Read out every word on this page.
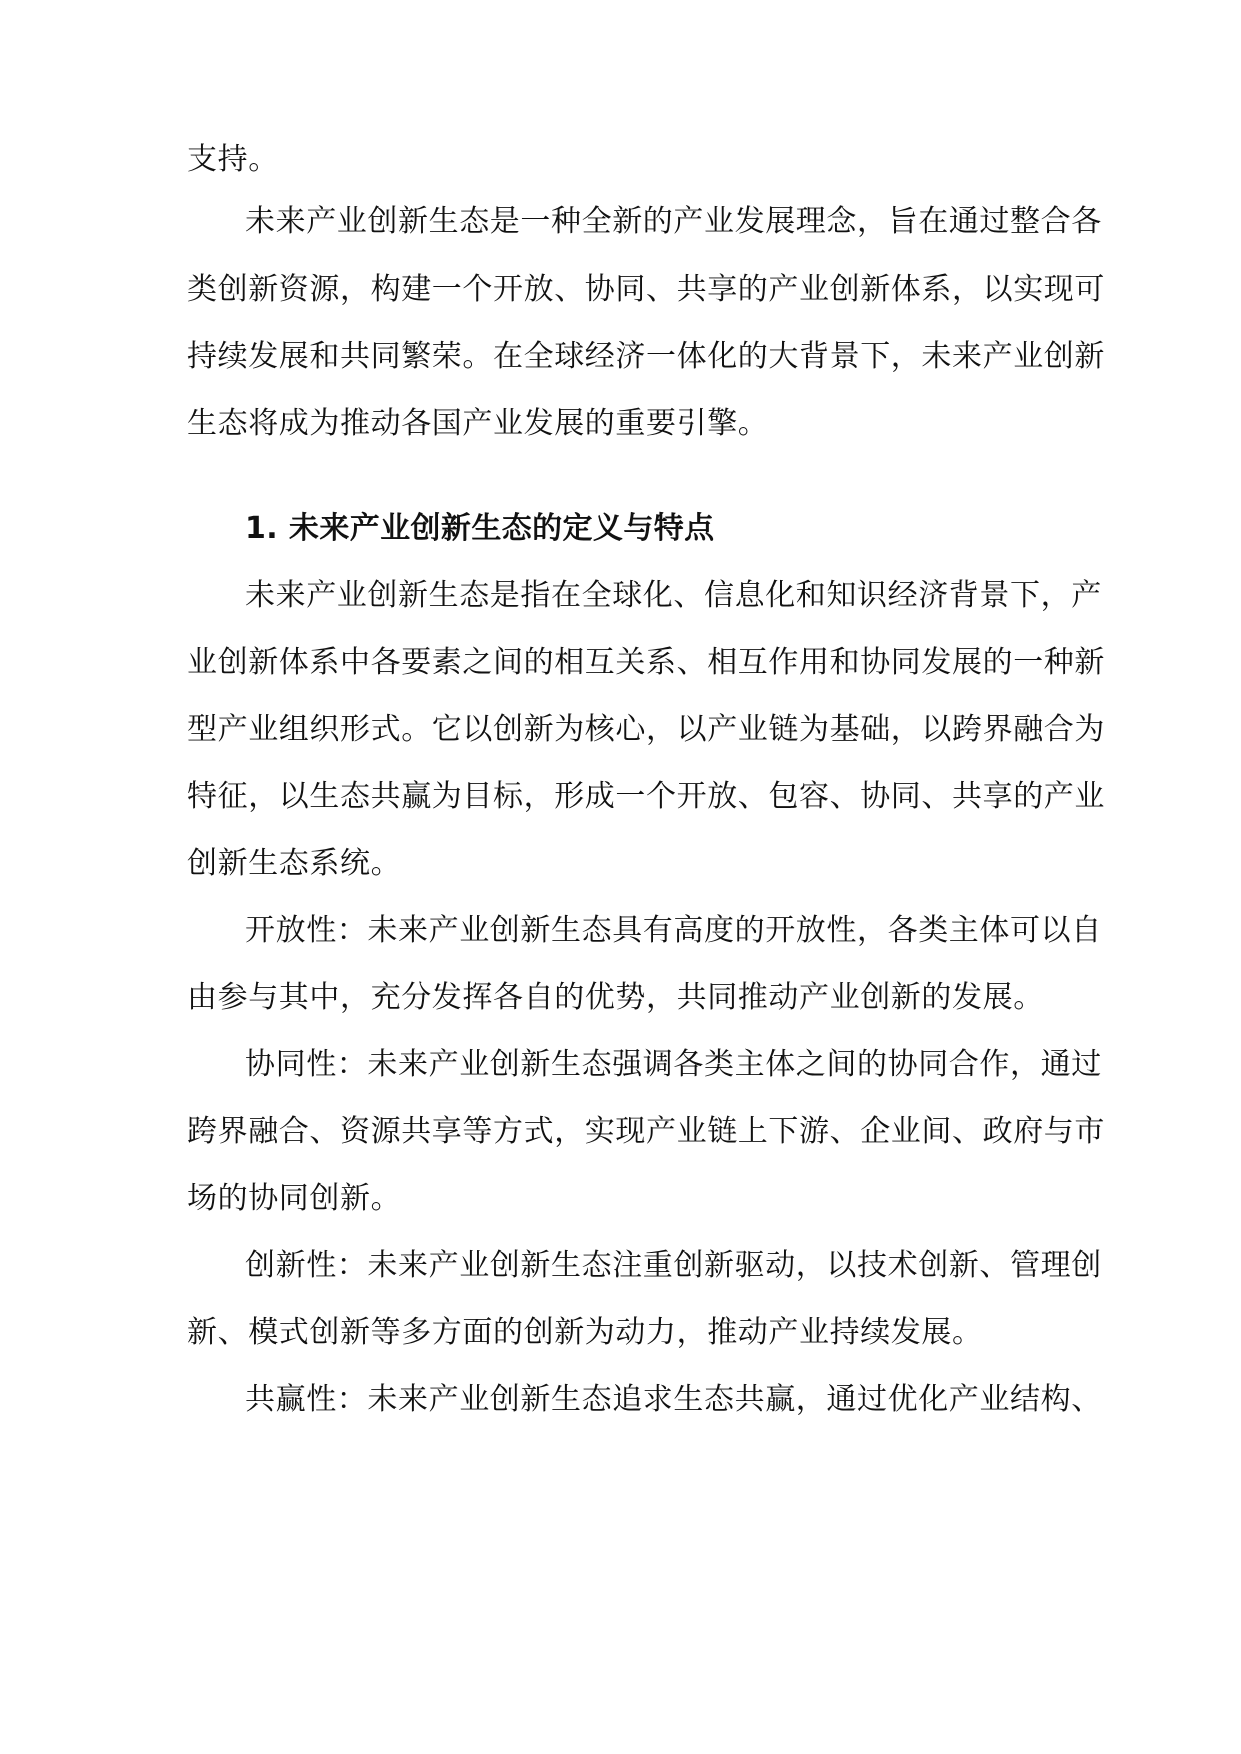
支持。
未来产业创新生态是一种全新的产业发展理念，旨在通过整合各
类创新资源，构建一个开放、协同、共享的产业创新体系，以实现可
持续发展和共同繁荣。在全球经济一体化的大背景下，未来产业创新
生态将成为推动各国产业发展的重要引擎。
1. 未来产业创新生态的定义与特点
未来产业创新生态是指在全球化、信息化和知识经济背景下，产
业创新体系中各要素之间的相互关系、相互作用和协同发展的一种新
型产业组织形式。它以创新为核心，以产业链为基础，以跨界融合为
特征，以生态共赢为目标，形成一个开放、包容、协同、共享的产业
创新生态系统。
开放性：未来产业创新生态具有高度的开放性，各类主体可以自
由参与其中，充分发挥各自的优势，共同推动产业创新的发展。
协同性：未来产业创新生态强调各类主体之间的协同合作，通过
跨界融合、资源共享等方式，实现产业链上下游、企业间、政府与市
场的协同创新。
创新性：未来产业创新生态注重创新驱动，以技术创新、管理创
新、模式创新等多方面的创新为动力，推动产业持续发展。
共赢性：未来产业创新生态追求生态共赢，通过优化产业结构、
